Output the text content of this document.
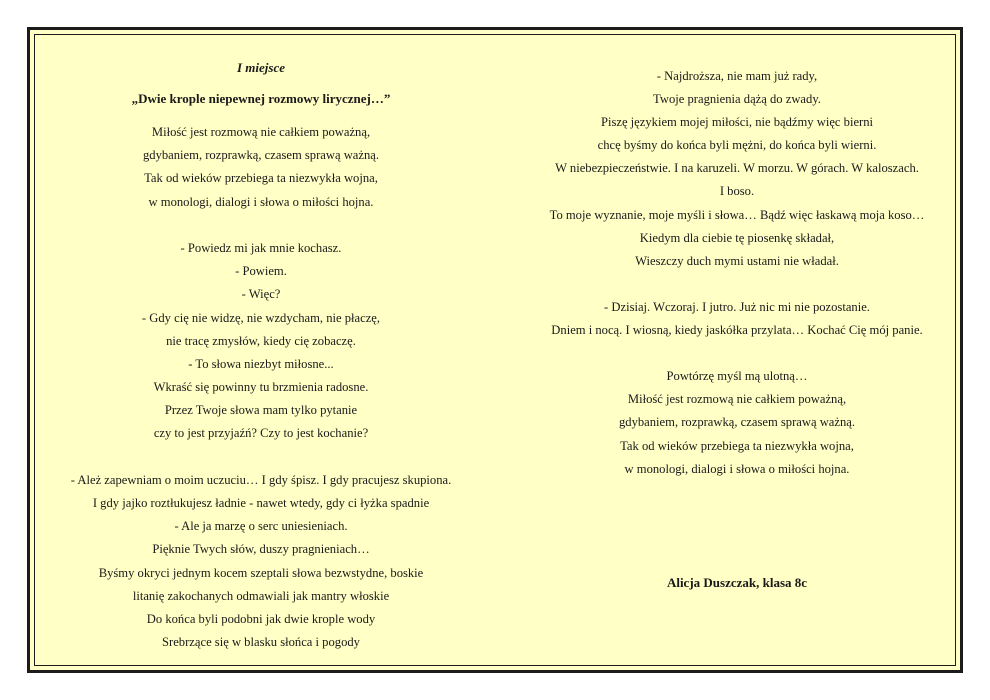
I miejsce
„Dwie krople niepewnej rozmowy lirycznej…”
Miłość jest rozmową nie całkiem poważną,
gdybaniem, rozprawką, czasem sprawą ważną.
Tak od wieków przebiega ta niezwykła wojna,
w monologi, dialogi i słowa o miłości hojna.
- Powiedz mi jak mnie kochasz.
- Powiem.
- Więc?
- Gdy cię nie widzę, nie wzdycham, nie płaczę,
nie tracę zmysłów, kiedy cię zobaczę.
- To słowa niezbyt miłosne...
Wkraść się powinny tu brzmienia radosne.
Przez Twoje słowa mam tylko pytanie
czy to jest przyjaźń? Czy to jest kochanie?
- Ależ zapewniam o moim uczuciu… I gdy śpisz. I gdy pracujesz skupiona.
I gdy jajko roztłukujesz ładnie - nawet wtedy, gdy ci łyżka spadnie
- Ale ja marzę o serc uniesieniach.
Pięknie Twych słów, duszy pragnieniach…
Byśmy okryci jednym kocem szeptali słowa bezwstydne, boskie
litanię zakochanych odmawiali jak mantry włoskie
Do końca byli podobni jak dwie krople wody
Srebrzące się w blasku słońca i pogody
- Najdroższa, nie mam już rady,
Twoje pragnienia dążą do zwady.
Piszę językiem mojej miłości, nie bądźmy więc bierni
chcę byśmy do końca byli mężni, do końca byli wierni.
W niebezpieczeństwie. I na karuzeli. W morzu. W górach. W kaloszach.
I boso.
To moje wyznanie, moje myśli i słowa… Bądź więc łaskawą moja koso…
Kiedym dla ciebie tę piosenkę składał,
Wieszczy duch mymi ustami nie władał.
- Dzisiaj. Wczoraj. I jutro. Już nic mi nie pozostanie.
Dniem i nocą. I wiosną, kiedy jaskółka przylata… Kochać Cię mój panie.
Powtórzę myśl mą ulotną…
Miłość jest rozmową nie całkiem poważną,
gdybaniem, rozprawką, czasem sprawą ważną.
Tak od wieków przebiega ta niezwykła wojna,
w monologi, dialogi i słowa o miłości hojna.
Alicja Duszczak, klasa 8c
